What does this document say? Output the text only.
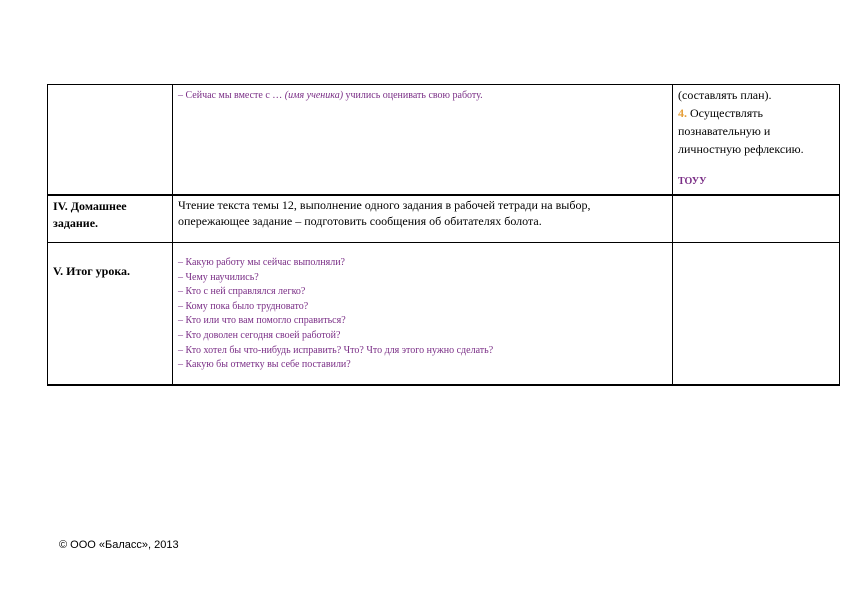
– Сейчас мы вместе с … (имя ученика) учились оценивать свою работу.	(составлять план).
4. Осуществлять
познавательную и
личностную рефлексию.
ТОУУ
IV. Домашнее
задание.
Чтение текста темы 12, выполнение одного задания в рабочей тетради на выбор,
опережающее задание – подготовить сообщения об обитателях болота.
V. Итог урока.
– Какую работу мы сейчас выполняли?
– Чему научились?
– Кто с ней справлялся легко?
– Кому пока было трудновато?
– Кто или что вам помогло справиться?
– Кто доволен сегодня своей работой?
– Кто хотел бы что-нибудь исправить? Что? Что для этого нужно сделать?
– Какую бы отметку вы себе поставили?
© ООО «Баласс», 2013
